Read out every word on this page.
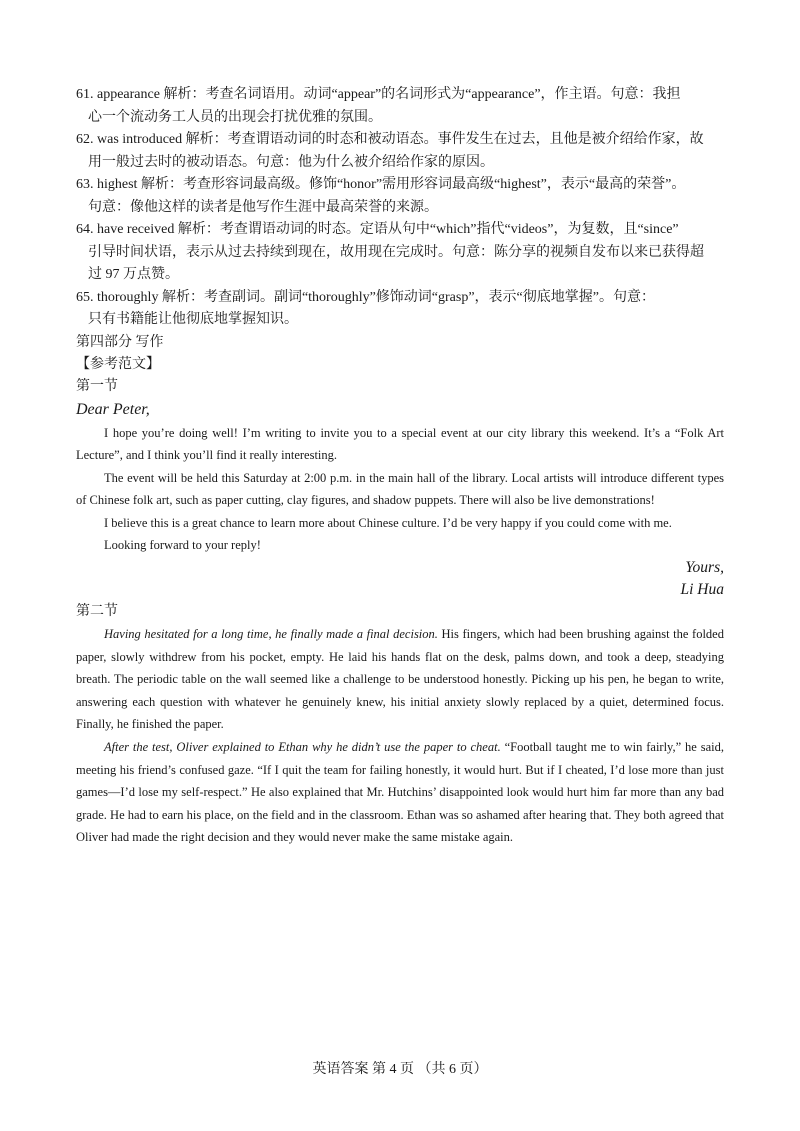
61. appearance 解析：考查名词语用。动词“appear”的名词形式为“appearance”，作主语。句意：我担
心一个流动务工人员的出现会打扰优雅的氛围。

62. was introduced 解析：考查谓语动词的时态和被动语态。事件发生在过去，且他是被介绍给作家，故
用一般过去时的被动语态。句意：他为什么被介绍给作家的原因。

63. highest 解析：考查形容词最高级。修饰“honor”需用形容词最高级“highest”，表示“最高的荣誉”。
句意：像他这样的读者是他写作生涯中最高荣誉的来源。

64. have received 解析：考查谓语动词的时态。定语从句中“which”指代“videos”，为复数，且“since”
引导时间状语，表示从过去持续到现在，故用现在完成时。句意：陈分享的视频自发布以来已获得超
过 97 万点赞。

65. thoroughly 解析：考查副词。副词“thoroughly”修饰动词“grasp”，表示“彻底地掌握”。句意：
只有书籍能让他彻底地掌握知识。

第四部分 写作

【参考范文】

第一节

Dear Peter,

I hope you’re doing well! I’m writing to invite you to a special event at our city library this weekend. It’s a “Folk Art Lecture”, and I think you’ll find it really interesting.

The event will be held this Saturday at 2:00 p.m. in the main hall of the library. Local artists will introduce different types of Chinese folk art, such as paper cutting, clay figures, and shadow puppets. There will also be live demonstrations!

I believe this is a great chance to learn more about Chinese culture. I’d be very happy if you could come with me.

Looking forward to your reply!

Yours,

Li Hua

第二节

Having hesitated for a long time, he finally made a final decision. His fingers, which had been brushing against the folded paper, slowly withdrew from his pocket, empty. He laid his hands flat on the desk, palms down, and took a deep, steadying breath. The periodic table on the wall seemed like a challenge to be understood honestly. Picking up his pen, he began to write, answering each question with whatever he genuinely knew, his initial anxiety slowly replaced by a quiet, determined focus. Finally, he finished the paper.

After the test, Oliver explained to Ethan why he didn’t use the paper to cheat. “Football taught me to win fairly,” he said, meeting his friend’s confused gaze. “If I quit the team for failing honestly, it would hurt. But if I cheated, I’d lose more than just games—I’d lose my self-respect.” He also explained that Mr. Hutchins’ disappointed look would hurt him far more than any bad grade. He had to earn his place, on the field and in the classroom. Ethan was so ashamed after hearing that. They both agreed that Oliver had made the right decision and they would never make the same mistake again.

英语答案 第 4 页 （共 6 页）
